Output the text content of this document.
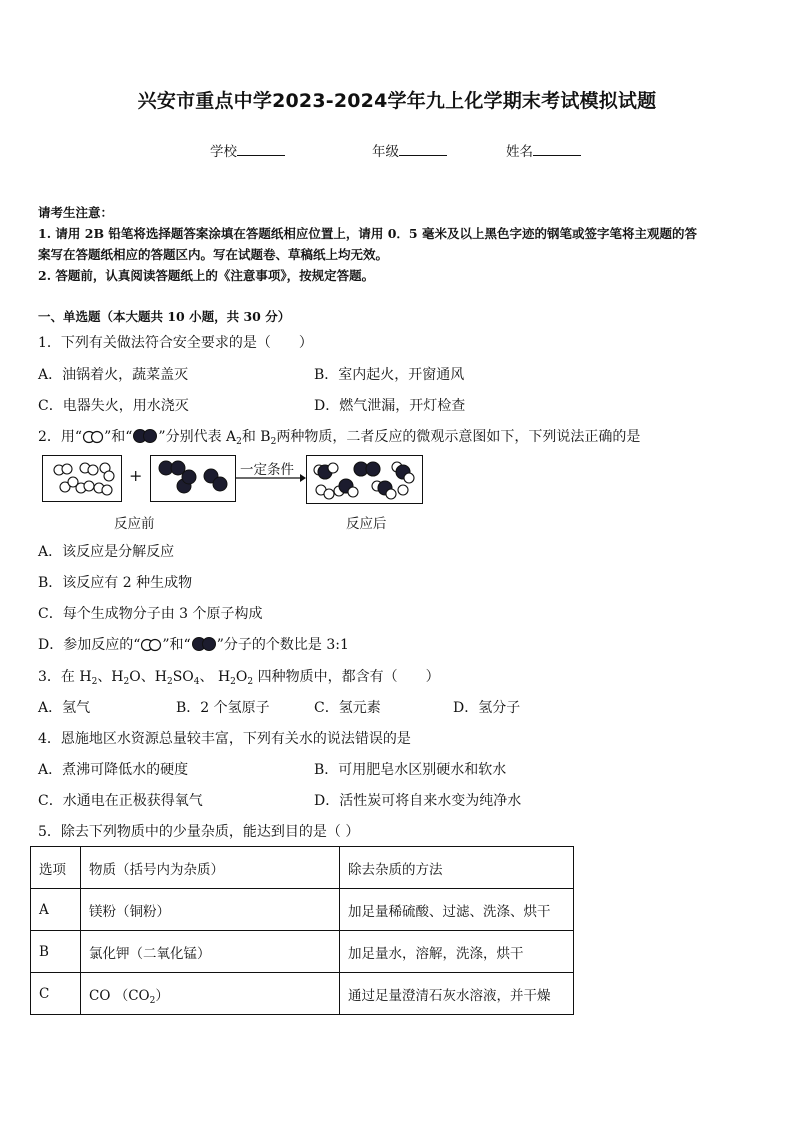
兴安市重点中学2023-2024学年九上化学期末考试模拟试题
学校	年级	姓名
请考生注意：
1. 请用 2B 铅笔将选择题答案涂填在答题纸相应位置上，请用 0．5 毫米及以上黑色字迹的钢笔或签字笔将主观题的答
案写在答题纸相应的答题区内。写在试题卷、草稿纸上均无效。
2. 答题前，认真阅读答题纸上的《注意事项》，按规定答题。
一、单选题（本大题共 10 小题，共 30 分）
1．下列有关做法符合安全要求的是（　　）
A．油锅着火，蔬菜盖灭	B．室内起火，开窗通风
C．电器失火，用水浇灭	D．燃气泄漏，开灯检查
2．用“ ”和“ ”分别代表 $A_2$和 $B_2$两种物质，二者反应的微观示意图如下，下列说法正确的是
+	一定条件
反应前	反应后
A．该反应是分解反应
B．该反应有 2 种生成物
C．每个生成物分子由 3 个原子构成
D．参加反应的“ ”和“ ”分子的个数比是 3:1
3．在 $H_2$、$H_2O$、$H_2SO_4$、 $H_2O_2$ 四种物质中，都含有（　　）
A．氢气	B．2 个氢原子	C．氢元素	D．氢分子
4．恩施地区水资源总量较丰富，下列有关水的说法错误的是
A．煮沸可降低水的硬度	B．可用肥皂水区别硬水和软水
C．水通电在正极获得氧气	D．活性炭可将自来水变为纯净水
5．除去下列物质中的少量杂质，能达到目的是（ ）
选项	物质（括号内为杂质）	除去杂质的方法
A	镁粉（铜粉）	加足量稀硫酸、过滤、洗涤、烘干
B	氯化钾（二氧化锰）	加足量水，溶解，洗涤，烘干
C	CO $(CO_2)$	通过足量澄清石灰水溶液，并干燥
